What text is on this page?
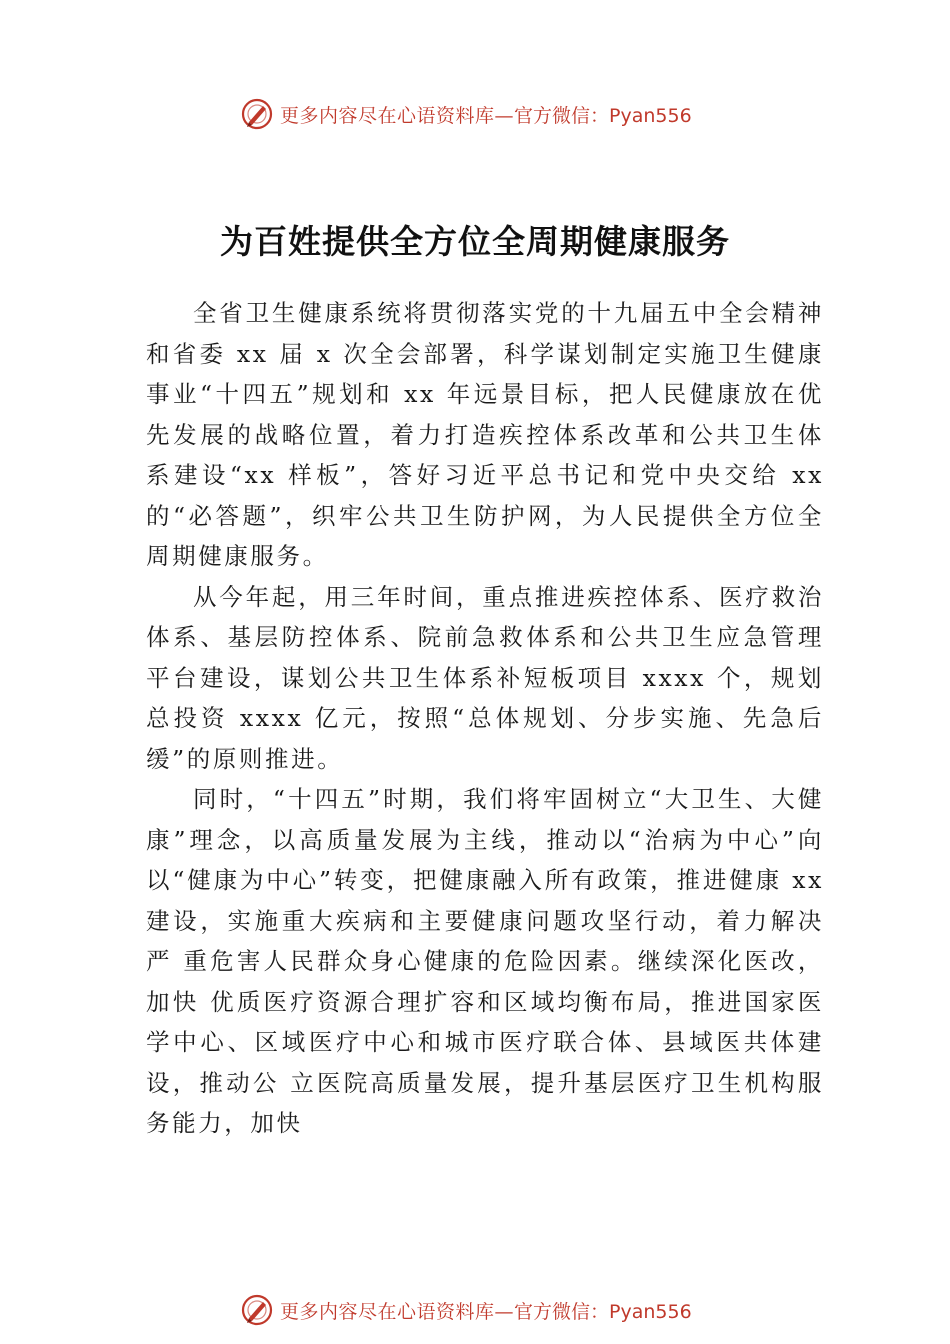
更多内容尽在心语资料库— 官方微信：Pyan556
为百姓提供全方位全周期健康服务

全省卫生健康系统将贯彻落实党的十九届五中全会精神和省委 xx 届 x 次全会部署，科学谋划制定实施卫生健康事业“十四五”规划和 xx 年远景目标，把人民健康放在优先发展的战略位置，着力打造疾控体系改革和公共卫生体系建设“xx 样板”，答好习近平总书记和党中央交给 xx 的“必答题”，织牢公共卫生防护网，为人民提供全方位全周期健康服务。

从今年起，用三年时间，重点推进疾控体系、医疗救治体系、基层防控体系、院前急救体系和公共卫生应急管理平台建设，谋划公共卫生体系补短板项目 xxxx 个，规划总投资 xxxx 亿元，按照“总体规划、分步实施、先急后缓”的原则推进。

同时，“十四五”时期，我们将牢固树立“大卫生、大健康”理念，以高质量发展为主线，推动以“治病为中心”向以“健康为中心”转变，把健康融入所有政策，推进健康 xx 建设，实施重大疾病和主要健康问题攻坚行动，着力解决严 重危害人民群众身心健康的危险因素。继续深化医改，加快 优质医疗资源合理扩容和区域均衡布局，推进国家医学中心、区域医疗中心和城市医疗联合体、县域医共体建设，推动公 立医院高质量发展，提升基层医疗卫生机构服务能力，加快

更多内容尽在心语资料库— 官方微信：Pyan556
